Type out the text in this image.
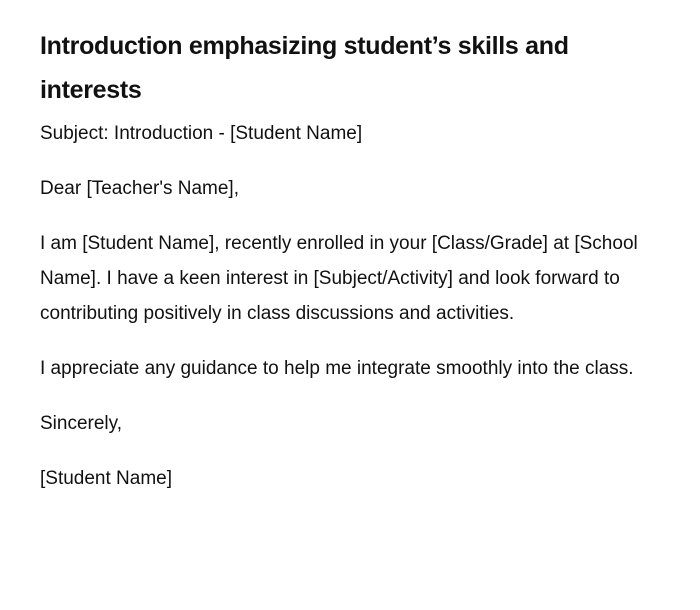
Introduction emphasizing student’s skills and interests

Subject: Introduction - [Student Name]

Dear [Teacher's Name],

I am [Student Name], recently enrolled in your [Class/Grade] at [School Name]. I have a keen interest in [Subject/Activity] and look forward to contributing positively in class discussions and activities.

I appreciate any guidance to help me integrate smoothly into the class.

Sincerely,

[Student Name]
